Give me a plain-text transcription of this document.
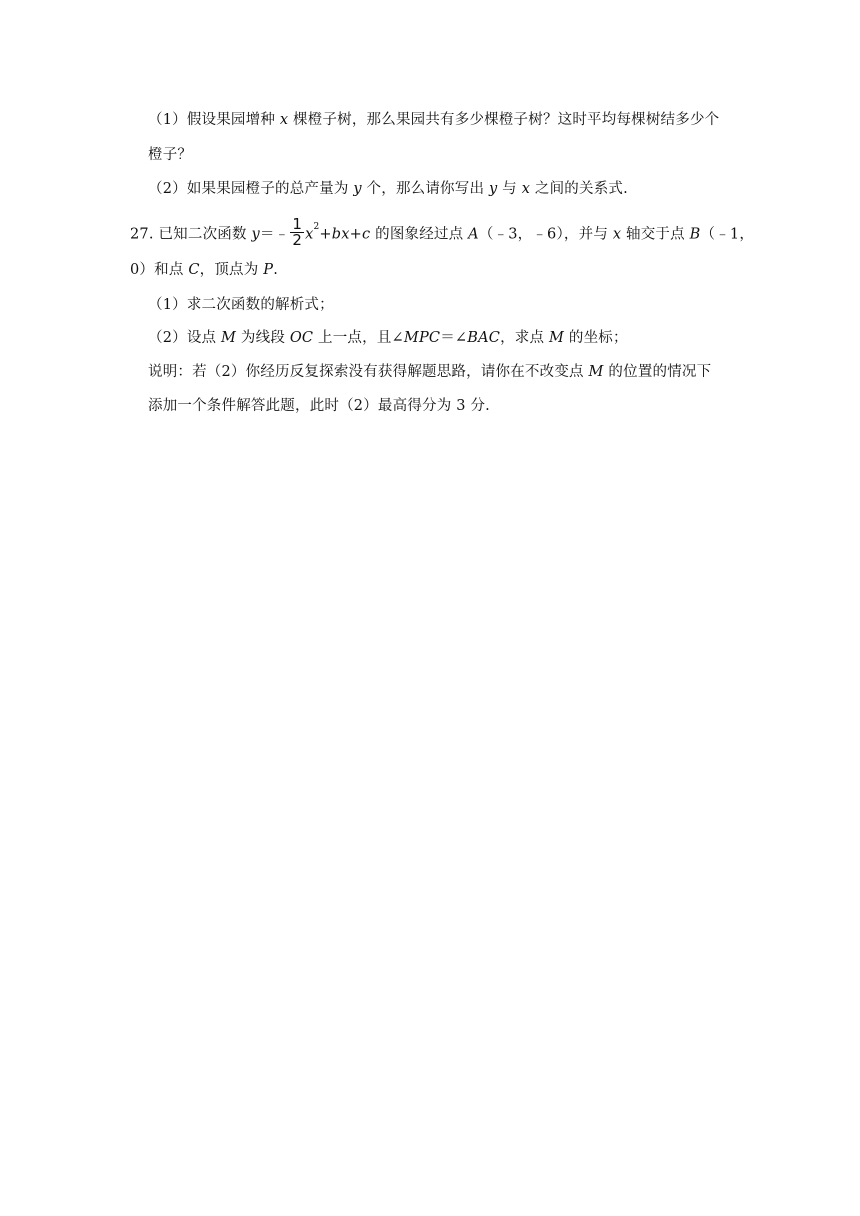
（1）假设果园增种 x 棵橙子树，那么果园共有多少棵橙子树？这时平均每棵树结多少个
橙子？
（2）如果果园橙子的总产量为 y 个，那么请你写出 y 与 x 之间的关系式.
27. 已知二次函数 y＝﹣ $\frac{1}{2} x^2+bx+c$ 的图象经过点 A（﹣3，﹣6），并与 x 轴交于点 B（﹣1，
0）和点 C，顶点为 P.
（1）求二次函数的解析式；
（2）设点 M 为线段 OC 上一点，且∠MPC＝∠BAC，求点 M 的坐标；
说明：若（2）你经历反复探索没有获得解题思路，请你在不改变点 M 的位置的情况下
添加一个条件解答此题，此时（2）最高得分为 3 分.
